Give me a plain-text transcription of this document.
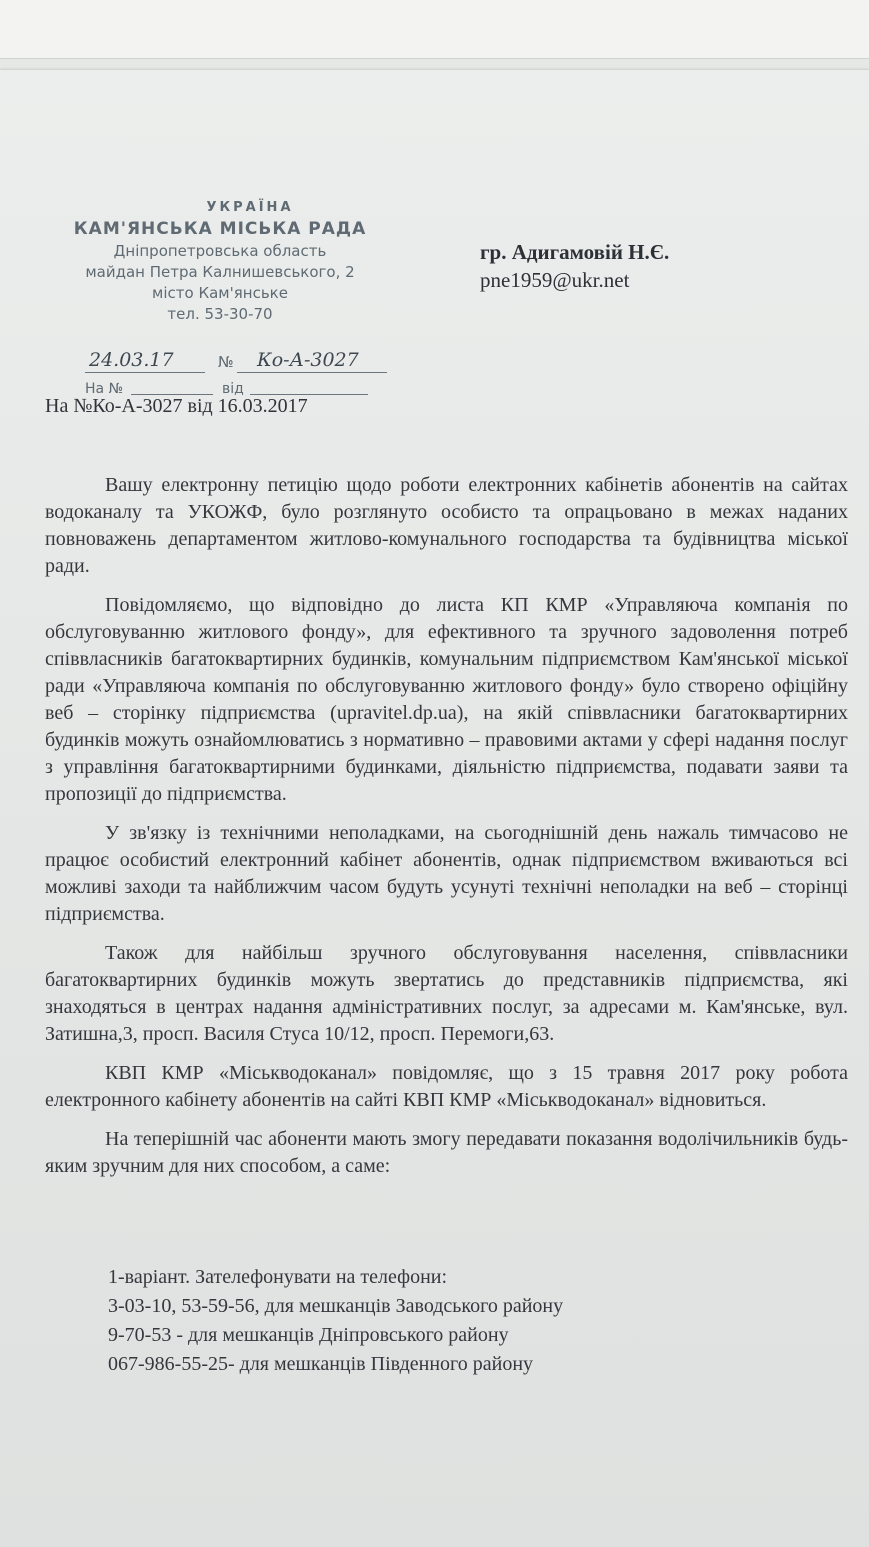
УКРАЇНА
КАМ'ЯНСЬКА МІСЬКА РАДА
Дніпропетровська область
майдан Петра Калнишевського, 2
місто Кам'янське
тел. 53-30-70
24.03.17	№ Ко-А-3027
На №	від
На №Ко-А-3027 від 16.03.2017
гр. Адигамовій Н.Є.
pne1959@ukr.net

Вашу електронну петицію щодо роботи електронних кабінетів абонентів на сайтах водоканалу та УКОЖФ, було розглянуто особисто та опрацьовано в межах наданих повноважень департаментом житлово-комунального господарства та будівництва міської ради.

Повідомляємо, що відповідно до листа КП КМР «Управляюча компанія по обслуговуванню житлового фонду», для ефективного та зручного задоволення потреб співвласників багатоквартирних будинків, комунальним підприємством Кам'янської міської ради «Управляюча компанія по обслуговуванню житлового фонду» було створено офіційну веб – сторінку підприємства (upravitel.dp.ua), на якій співвласники багатоквартирних будинків можуть ознайомлюватись з нормативно – правовими актами у сфері надання послуг з управління багатоквартирними будинками, діяльністю підприємства, подавати заяви та пропозиції до підприємства.

У зв'язку із технічними неполадками, на сьогоднішній день нажаль тимчасово не працює особистий електронний кабінет абонентів, однак підприємством вживаються всі можливі заходи та найближчим часом будуть усунуті технічні неполадки на веб – сторінці підприємства.

Також для найбільш зручного обслуговування населення, співвласники багатоквартирних будинків можуть звертатись до представників підприємства, які знаходяться в центрах надання адміністративних послуг, за адресами м. Кам'янське, вул. Затишна,3, просп. Василя Стуса 10/12, просп. Перемоги,63.

КВП КМР «Міськводоканал» повідомляє, що з 15 травня 2017 року робота електронного кабінету абонентів на сайті КВП КМР «Міськводоканал» відновиться.

На теперішній час абоненти мають змогу передавати показання водолічильників будь-яким зручним для них способом, а саме:

1-варіант. Зателефонувати на телефони:
3-03-10, 53-59-56, для мешканців Заводського району
9-70-53 - для мешканців Дніпровського району
067-986-55-25- для мешканців Південного району
